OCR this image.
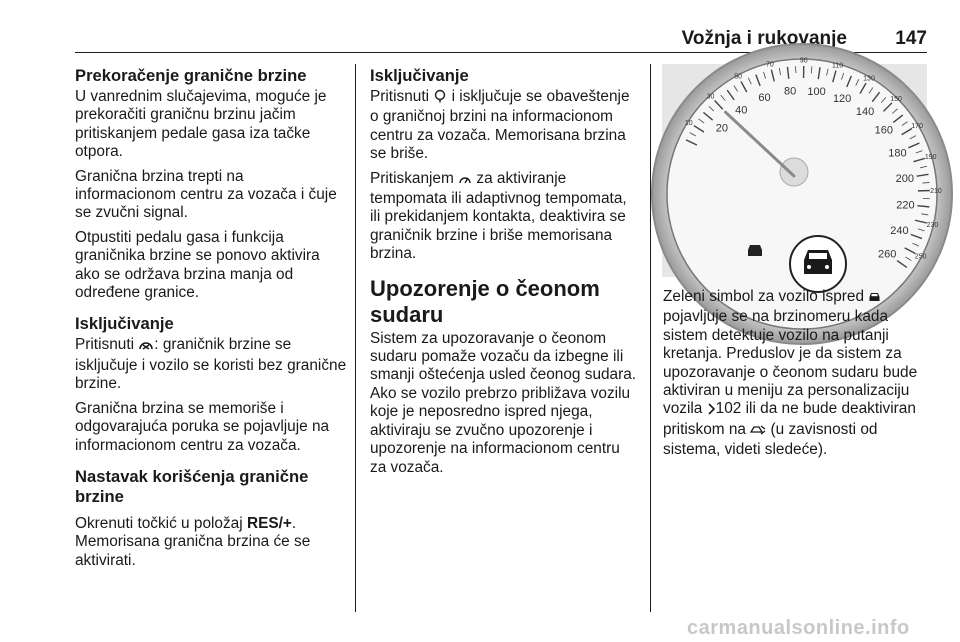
Vožnja i rukovanje	147
Prekoračenje granične brzine

U vanrednim slučajevima, moguće je prekoračiti graničnu brzinu jačim pritiskanjem pedale gasa iza tačke otpora.

Granična brzina trepti na informacionom centru za vozača i čuje se zvučni signal.

Otpustiti pedalu gasa i funkcija graničnika brzine se ponovo aktivira ako se održava brzina manja od određene granice.

Isključivanje

Pritisnuti : graničnik brzine se isključuje i vozilo se koristi bez granične brzine.

Granična brzina se memoriše i odgovarajuća poruka se pojavljuje na informacionom centru za vozača.

Nastavak korišćenja granične brzine

Okrenuti točkić u položaj RES/+. Memorisana granična brzina će se aktivirati.

Isključivanje

Pritisnuti i isključuje se obaveštenje o graničnoj brzini na informacionom centru za vozača. Memorisana brzina se briše.

Pritiskanjem za aktiviranje tempomata ili adaptivnog tempomata, ili prekidanjem kontakta, deaktivira se graničnik brzine i briše memorisana brzina.

Upozorenje o čeonom sudaru

Sistem za upozoravanje o čeonom sudaru pomaže vozaču da izbegne ili smanji oštećenja usled čeonog sudara. Ako se vozilo prebrzo približava vozilu koje je neposredno ispred njega, aktiviraju se zvučno upozorenje i upozorenje na informacionom centru za vozača.

10
30
50
70
90
110
130
150
170
190
210
230
250
20
40
60
80 100
120
140
160
180
200
220
240
260

Zeleni simbol za vozilo ispred  pojavljuje se na brzinomeru kada sistem detektuje vozilo na putanji kretanja. Preduslov je da sistem za upozoravanje o čeonom sudaru bude aktiviran u meniju za personalizaciju vozila 102 ili da ne bude deaktiviran pritiskom na (u zavisnosti od sistema, videti sledeće).

carmanualsonline.info
